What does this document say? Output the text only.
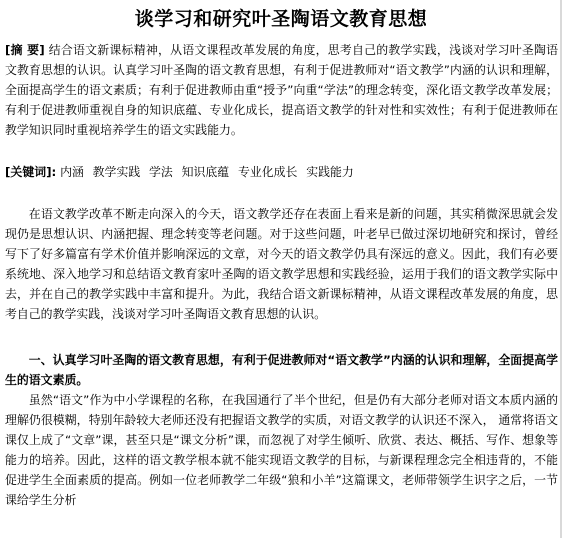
谈学习和研究叶圣陶语文教育思想
[摘 要] 结合语文新课标精神，从语文课程改革发展的角度，思考自己的教学实践，浅谈对学习叶圣陶语文教育思想的认识。认真学习叶圣陶的语文教育思想，有利于促进教师对“语文教学”内涵的认识和理解，全面提高学生的语文素质；有利于促进教师由重“授予”向重“学法”的理念转变，深化语文教学改革发展；有利于促进教师重视自身的知识底蕴、专业化成长，提高语文教学的针对性和实效性；有利于促进教师在教学知识同时重视培养学生的语文实践能力。
[关键词]: 内涵 教学实践 学法 知识底蕴 专业化成长 实践能力
在语文教学改革不断走向深入的今天，语文教学还存在表面上看来是新的问题，其实稍微深思就会发现仍是思想认识、内涵把握、理念转变等老问题。对于这些问题，叶老早已做过深切地研究和探讨，曾经写下了好多篇富有学术价值并影响深远的文章，对今天的语文教学仍具有深远的意义。因此，我们有必要系统地、深入地学习和总结语文教育家叶圣陶的语文教学思想和实践经验，运用于我们的语文教学实际中去，并在自己的教学实践中丰富和提升。为此，我结合语文新课标精神，从语文课程改革发展的角度，思考自己的教学实践，浅谈对学习叶圣陶语文教育思想的认识。
一、认真学习叶圣陶的语文教育思想，有利于促进教师对“语文教学”内涵的认识和理解，全面提高学生的语文素质。
虽然“语文”作为中小学课程的名称，在我国通行了半个世纪，但是仍有大部分老师对语文本质内涵的理解仍很模糊，特别年龄较大老师还没有把握语文教学的实质，对语文教学的认识还不深入， 通常将语文课仅上成了“文章”课，甚至只是“课文分析”课，而忽视了对学生倾听、欣赏、表达、概括、写作、想象等能力的培养。因此，这样的语文教学根本就不能实现语文教学的目标，与新课程理念完全相违背的，不能促进学生全面素质的提高。例如一位老师教学二年级“狼和小羊”这篇课文，老师带领学生识字之后，一节课给学生分析
